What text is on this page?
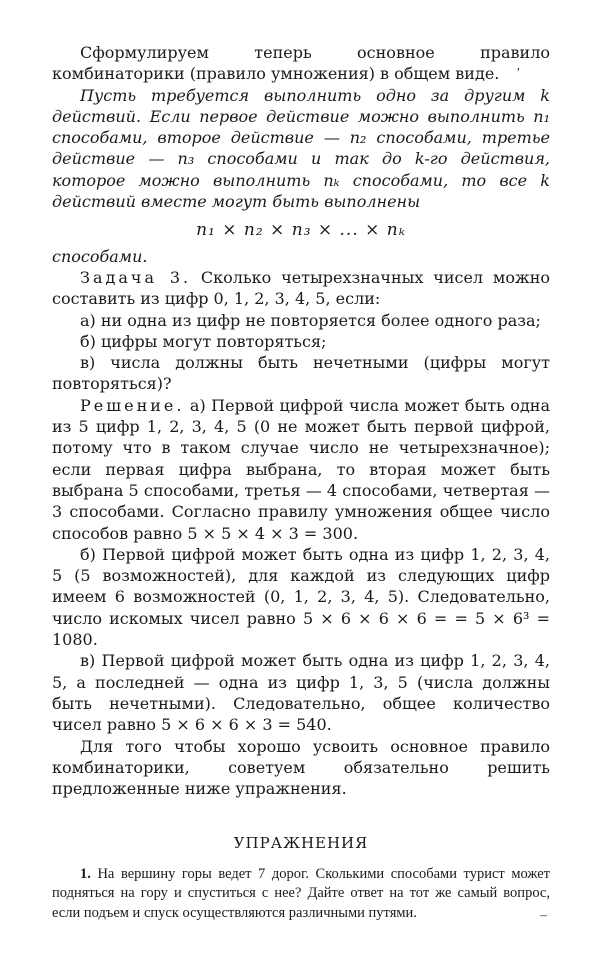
Сформулируем теперь основное правило комбинаторики (правило умножения) в общем виде.

Пусть требуется выполнить одно за другим k действий. Если первое действие можно выполнить n₁ способами, второе действие — n₂ способами, третье действие — n₃ способами и так до k-го действия, которое можно выполнить nₖ способами, то все k действий вместе могут быть выполнены

n₁ × n₂ × n₃ × ... × nₖ

способами.

Задача 3. Сколько четырехзначных чисел можно составить из цифр 0, 1, 2, 3, 4, 5, если:

а) ни одна из цифр не повторяется более одного раза;

б) цифры могут повторяться;

в) числа должны быть нечетными (цифры могут повторяться)?

Решение. а) Первой цифрой числа может быть одна из 5 цифр 1, 2, 3, 4, 5 (0 не может быть первой цифрой, потому что в таком случае число не четырехзначное); если первая цифра выбрана, то вторая может быть выбрана 5 способами, третья — 4 способами, четвертая — 3 способами. Согласно правилу умножения общее число способов равно 5 × 5 × 4 × 3 = 300.

б) Первой цифрой может быть одна из цифр 1, 2, 3, 4, 5 (5 возможностей), для каждой из следующих цифр имеем 6 возможностей (0, 1, 2, 3, 4, 5). Следовательно, число искомых чисел равно 5 × 6 × 6 × 6 = = 5 × 6³ = 1080.

в) Первой цифрой может быть одна из цифр 1, 2, 3, 4, 5, а последней — одна из цифр 1, 3, 5 (числа должны быть нечетными). Следовательно, общее количество чисел равно 5 × 6 × 6 × 3 = 540.

Для того чтобы хорошо усвоить основное правило комбинаторики, советуем обязательно решить предложенные ниже упражнения.

УПРАЖНЕНИЯ

1. На вершину горы ведет 7 дорог. Сколькими способами турист может подняться на гору и спуститься с нее? Дайте ответ на тот же самый вопрос, если подъем и спуск осуществляются различными путями.

′
‒
